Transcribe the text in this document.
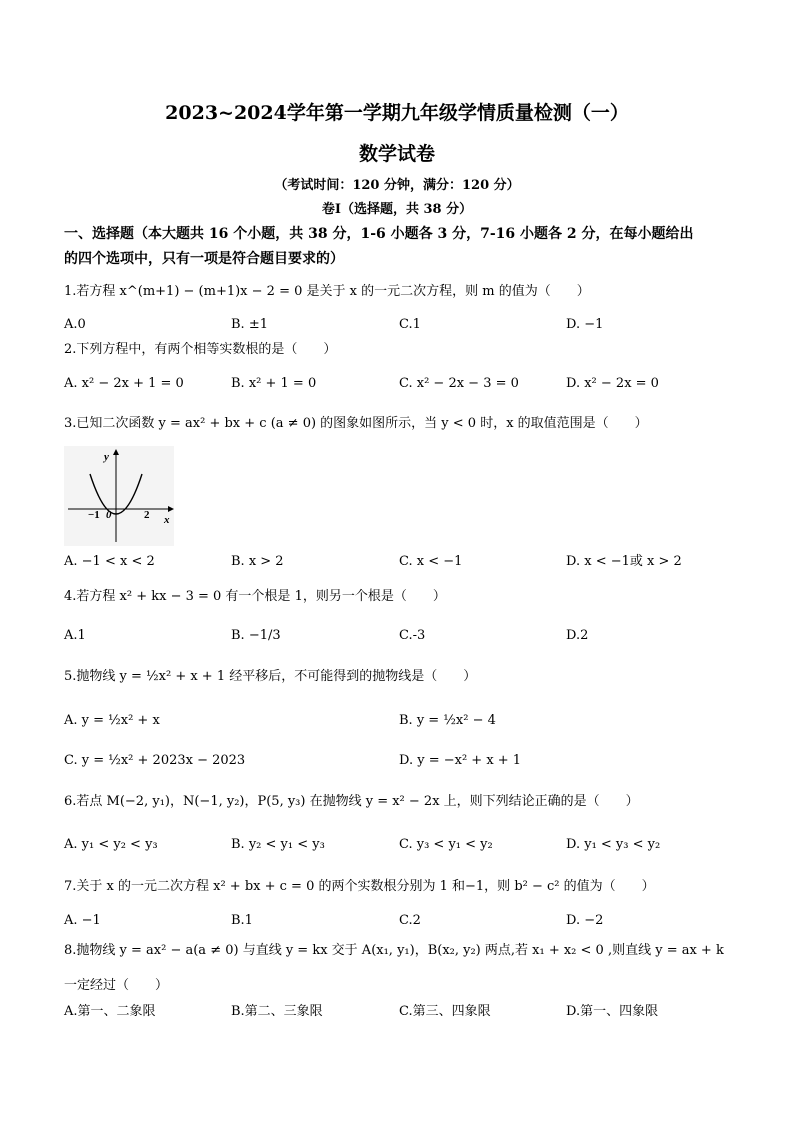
2023~2024学年第一学期九年级学情质量检测（一）
数学试卷
（考试时间：120 分钟，满分：120 分）
卷Ⅰ（选择题，共 38 分）
一、选择题（本大题共 16 个小题，共 38 分，1-6 小题各 3 分，7-16 小题各 2 分，在每小题给出
的四个选项中，只有一项是符合题目要求的）
1.若方程 x^(m+1) − (m+1)x − 2 = 0 是关于 x 的一元二次方程，则 m 的值为（　　）
A.0	B. ±1	C.1	D. −1
2.下列方程中，有两个相等实数根的是（　　）
A. x² − 2x + 1 = 0	B. x² + 1 = 0	C. x² − 2x − 3 = 0	D. x² − 2x = 0
3.已知二次函数 y = ax² + bx + c (a ≠ 0) 的图象如图所示，当 y < 0 时，x 的取值范围是（　　）
y
x
−1 0	2
A. −1 < x < 2	B. x > 2	C. x < −1	D. x < −1或 x > 2
4.若方程 x² + kx − 3 = 0 有一个根是 1，则另一个根是（　　）
A.1	B. −1/3	C.-3	D.2
5.抛物线 y = ½x² + x + 1 经平移后，不可能得到的抛物线是（　　）
A. y = ½x² + x	B. y = ½x² − 4
C. y = ½x² + 2023x − 2023	D. y = −x² + x + 1
6.若点 M(−2, y₁)，N(−1, y₂)，P(5, y₃) 在抛物线 y = x² − 2x 上，则下列结论正确的是（　　）
A. y₁ < y₂ < y₃	B. y₂ < y₁ < y₃	C. y₃ < y₁ < y₂	D. y₁ < y₃ < y₂
7.关于 x 的一元二次方程 x² + bx + c = 0 的两个实数根分别为 1 和−1，则 b² − c² 的值为（　　）
A. −1	B.1	C.2	D. −2
8.抛物线 y = ax² − a(a ≠ 0) 与直线 y = kx 交于 A(x₁, y₁)，B(x₂, y₂) 两点,若 x₁ + x₂ < 0 ,则直线 y = ax + k
一定经过（　　）
A.第一、二象限	B.第二、三象限	C.第三、四象限	D.第一、四象限
